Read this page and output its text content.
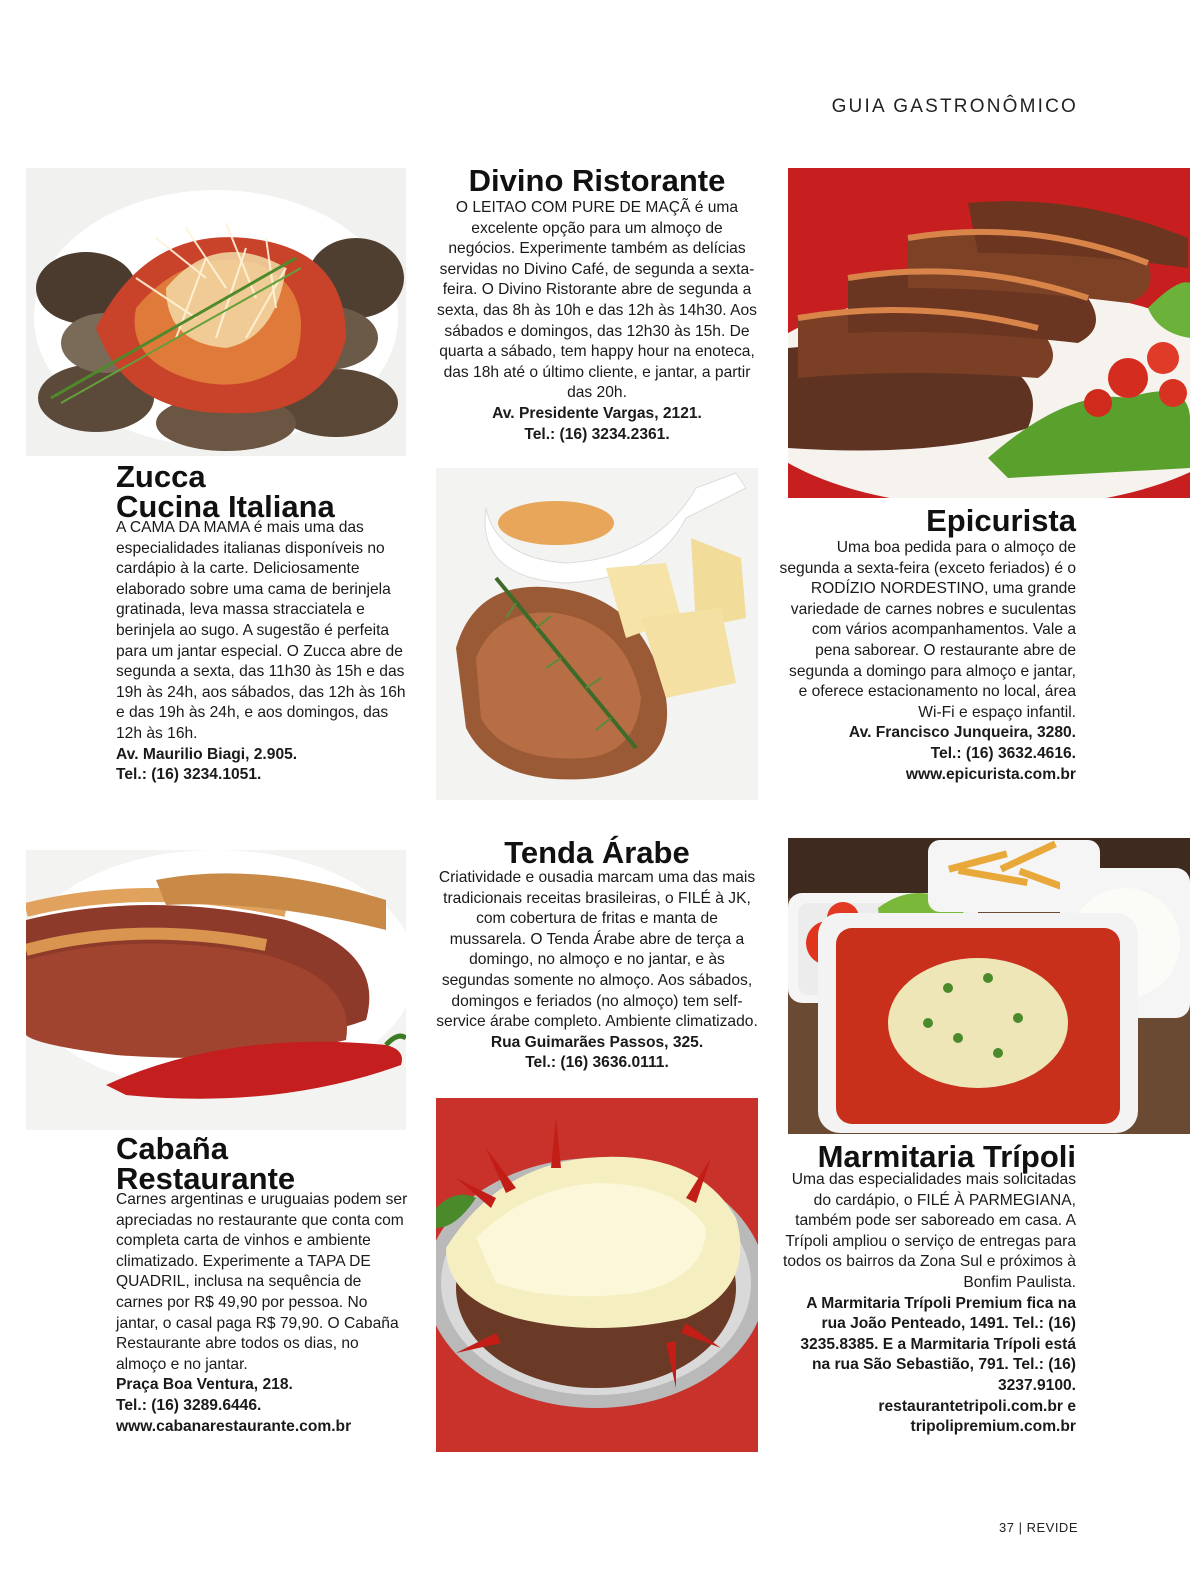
GUIA GASTRONÔMICO
Zucca
Cucina Italiana

A CAMA DA MAMA é mais uma das especialidades italianas disponíveis no cardápio à la carte. Deliciosamente elaborado sobre uma cama de berinjela gratinada, leva massa stracciatela e berinjela ao sugo. A sugestão é perfeita para um jantar especial. O Zucca abre de segunda a sexta, das 11h30 às 15h e das 19h às 24h, aos sábados, das 12h às 16h e das 19h às 24h, e aos domingos, das 12h às 16h.

Av. Maurilio Biagi, 2.905.

Tel.: (16) 3234.1051.

Divino Ristorante

O LEITAO COM PURE DE MAÇÃ é uma excelente opção para um almoço de negócios. Experimente também as delícias servidas no Divino Café, de segunda a sexta-feira. O Divino Ristorante abre de segunda a sexta, das 8h às 10h e das 12h às 14h30. Aos sábados e domingos, das 12h30 às 15h. De quarta a sábado, tem happy hour na enoteca, das 18h até o último cliente, e jantar, a partir das 20h.

Av. Presidente Vargas, 2121.

Tel.: (16) 3234.2361.

Epicurista

Uma boa pedida para o almoço de segunda a sexta-feira (exceto feriados) é o RODÍZIO NORDESTINO, uma grande variedade de carnes nobres e suculentas com vários acompanhamentos. Vale a pena saborear. O restaurante abre de segunda a domingo para almoço e jantar, e oferece estacionamento no local, área Wi-Fi e espaço infantil.

Av. Francisco Junqueira, 3280.

Tel.: (16) 3632.4616.

www.epicurista.com.br

Cabaña
Restaurante

Carnes argentinas e uruguaias podem ser apreciadas no restaurante que conta com completa carta de vinhos e ambiente climatizado. Experimente a TAPA DE QUADRIL, inclusa na sequência de carnes por R$ 49,90 por pessoa. No jantar, o casal paga R$ 79,90. O Cabaña Restaurante abre todos os dias, no almoço e no jantar.

Praça Boa Ventura, 218.

Tel.: (16) 3289.6446.

www.cabanarestaurante.com.br

Tenda Árabe

Criatividade e ousadia marcam uma das mais tradicionais receitas brasileiras, o FILÉ à JK, com cobertura de fritas e manta de mussarela. O Tenda Árabe abre de terça a domingo, no almoço e no jantar, e às segundas somente no almoço. Aos sábados, domingos e feriados (no almoço) tem self-service árabe completo. Ambiente climatizado.

Rua Guimarães Passos, 325.

Tel.: (16) 3636.0111.

Marmitaria Trípoli

Uma das especialidades mais solicitadas do cardápio, o FILÉ À PARMEGIANA, também pode ser saboreado em casa. A Trípoli ampliou o serviço de entregas para todos os bairros da Zona Sul e próximos à Bonfim Paulista.

A Marmitaria Trípoli Premium fica na rua João Penteado, 1491. Tel.: (16) 3235.8385. E a Marmitaria Trípoli está na rua São Sebastião, 791. Tel.: (16) 3237.9100.

restaurantetripoli.com.br e tripolipremium.com.br

37 | REVIDE
